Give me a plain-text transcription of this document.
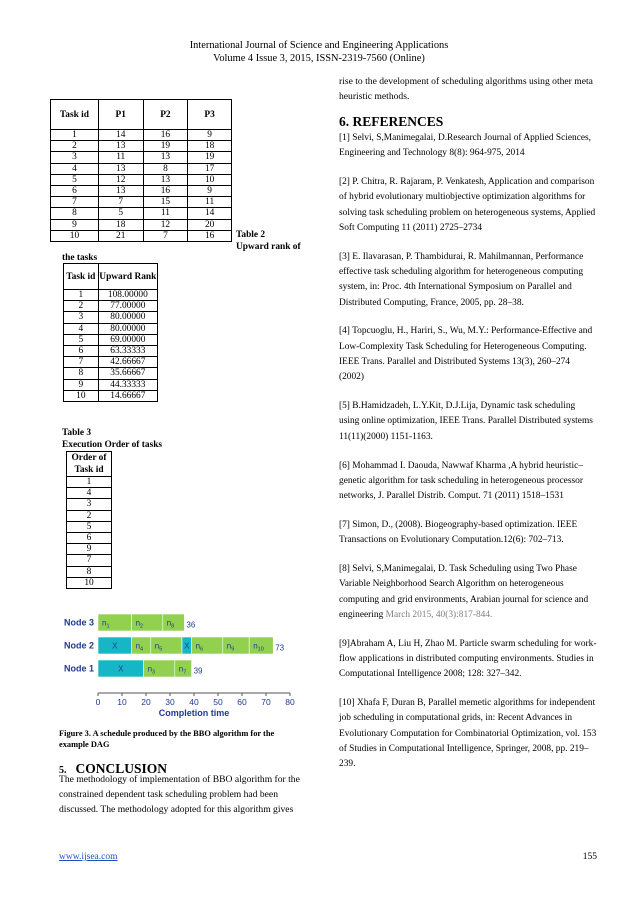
International Journal of Science and Engineering Applications
Volume 4 Issue 3, 2015, ISSN-2319-7560 (Online)
Task id	P1	P2	P3
1	14	16	9
2	13	19	18
3	11	13	19
4	13	8	17
5	12	13	10
6	13	16	9
7	7	15	11
8	5	11	14
9	18	12	20
10	21	7	16 Table 2
Upward rank of
the tasks
Task id	Upward Rank
1	108.00000
2	77.00000
3	80.00000
4	80.00000
5	69.00000
6	63.33333
7	42.66667
8	35.66667
9	44.33333
10	14.66667
Table 3
Execution Order of tasks
Order of Task id
1
4
3
2
5
6
9
7
8
10
0 10 20 30 40 50 60 70 80
Completion time
Node 3 $n_1$	$n_2$	$n_8$ 36
Node 2 X $n_4$ $n_5$	X $n_6$	$n_9$ $n_{10}$ 73
Node 1	X	$n_3$	$n_7$ 39
Figure 3. A schedule produced by the BBO algorithm for the example DAG
5. CONCLUSION
The methodology of implementation of BBO algorithm for the constrained dependent task scheduling problem had been discussed. The methodology adopted for this algorithm gives
rise to the development of scheduling algorithms using other meta heuristic methods.
6. REFERENCES

[1] Selvi, S,Manimegalai, D.Research Journal of Applied Sciences, Engineering and Technology 8(8): 964-975, 2014

[2] P. Chitra, R. Rajaram, P. Venkatesh, Application and comparison of hybrid evolutionary multiobjective optimization algorithms for solving task scheduling problem on heterogeneous systems, Applied Soft Computing 11 (2011) 2725–2734

[3] E. Ilavarasan, P. Thambidurai, R. Mahilmannan, Performance effective task scheduling algorithm for heterogeneous computing system, in: Proc. 4th International Symposium on Parallel and Distributed Computing, France, 2005, pp. 28–38.

[4] Topcuoglu, H., Hariri, S., Wu, M.Y.: Performance-Effective and Low-Complexity Task Scheduling for Heterogeneous Computing. IEEE Trans. Parallel and Distributed Systems 13(3), 260–274 (2002)

[5] B.Hamidzadeh, L.Y.Kit, D.J.Lija, Dynamic task scheduling using online optimization, IEEE Trans. Parallel Distributed systems 11(11)(2000) 1151-1163.

[6] Mohammad I. Daouda, Nawwaf Kharma ,A hybrid heuristic–genetic algorithm for task scheduling in heterogeneous processor networks, J. Parallel Distrib. Comput. 71 (2011) 1518–1531

[7] Simon, D., (2008). Biogeography-based optimization. IEEE Transactions on Evolutionary Computation.12(6): 702–713.

[8] Selvi, S,Manimegalai, D. Task Scheduling using Two Phase Variable Neighborhood Search Algorithm on heterogeneous computing and grid environments, Arabian journal for science and engineering March 2015, 40(3):817-844.

[9]Abraham A, Liu H, Zhao M. Particle swarm scheduling for work-flow applications in distributed computing environments. Studies in Computational Intelligence 2008; 128: 327–342.

[10] Xhafa F, Duran B, Parallel memetic algorithms for independent job scheduling in computational grids, in: Recent Advances in Evolutionary Computation for Combinatorial Optimization, vol. 153 of Studies in Computational Intelligence, Springer, 2008, pp. 219–239.

www.ijsea.com	155
